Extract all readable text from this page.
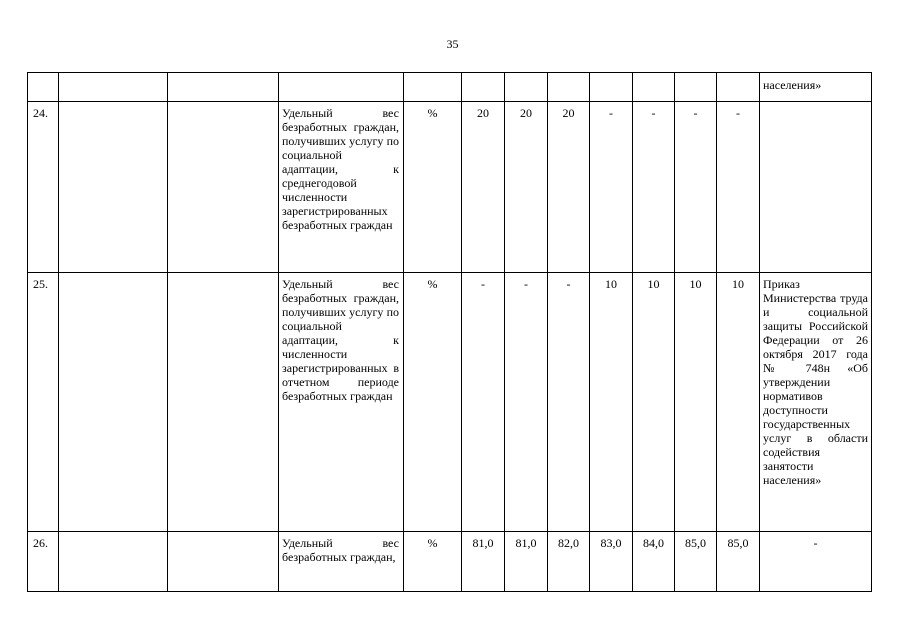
35
												населения»
24.			Удельный вес безработных граждан, получивших услугу по социальной адаптации, к среднегодовой численности зарегистрированных безработных граждан	%	20	20	20	-	-	-	-	
25.			Удельный вес безработных граждан, получивших услугу по социальной адаптации, к численности зарегистрированных в отчетном периоде безработных граждан	%	-	-	-	10	10	10	10	Приказ Министерства труда и социальной защиты Российской Федерации от 26 октября 2017 года № 748н «Об утверждении нормативов доступности государственных услуг в области содействия занятости населения»
26.			Удельный вес безработных граждан,	%	81,0	81,0	82,0	83,0	84,0	85,0	85,0	-
